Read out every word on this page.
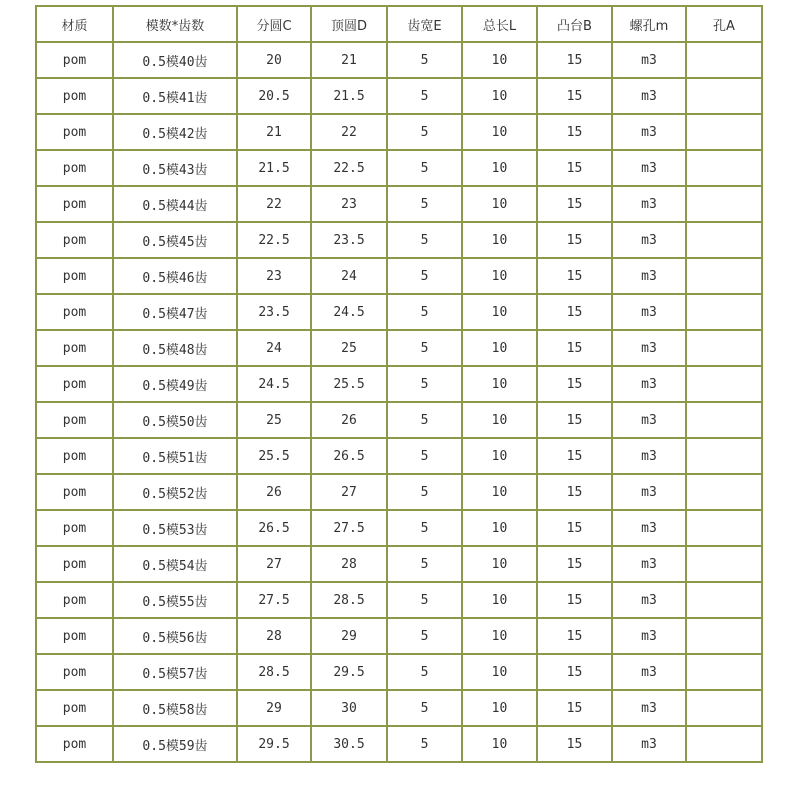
材质	模数*齿数	分圆C	顶圆D	齿宽E	总长L	凸台B	螺孔m	孔A
pom	0.5模40齿	20	21	5	10	15	m3	
pom	0.5模41齿	20.5	21.5	5	10	15	m3	
pom	0.5模42齿	21	22	5	10	15	m3	
pom	0.5模43齿	21.5	22.5	5	10	15	m3	
pom	0.5模44齿	22	23	5	10	15	m3	
pom	0.5模45齿	22.5	23.5	5	10	15	m3	
pom	0.5模46齿	23	24	5	10	15	m3	
pom	0.5模47齿	23.5	24.5	5	10	15	m3	
pom	0.5模48齿	24	25	5	10	15	m3	
pom	0.5模49齿	24.5	25.5	5	10	15	m3	
pom	0.5模50齿	25	26	5	10	15	m3	
pom	0.5模51齿	25.5	26.5	5	10	15	m3	
pom	0.5模52齿	26	27	5	10	15	m3	
pom	0.5模53齿	26.5	27.5	5	10	15	m3	
pom	0.5模54齿	27	28	5	10	15	m3	
pom	0.5模55齿	27.5	28.5	5	10	15	m3	
pom	0.5模56齿	28	29	5	10	15	m3	
pom	0.5模57齿	28.5	29.5	5	10	15	m3	
pom	0.5模58齿	29	30	5	10	15	m3	
pom	0.5模59齿	29.5	30.5	5	10	15	m3	
